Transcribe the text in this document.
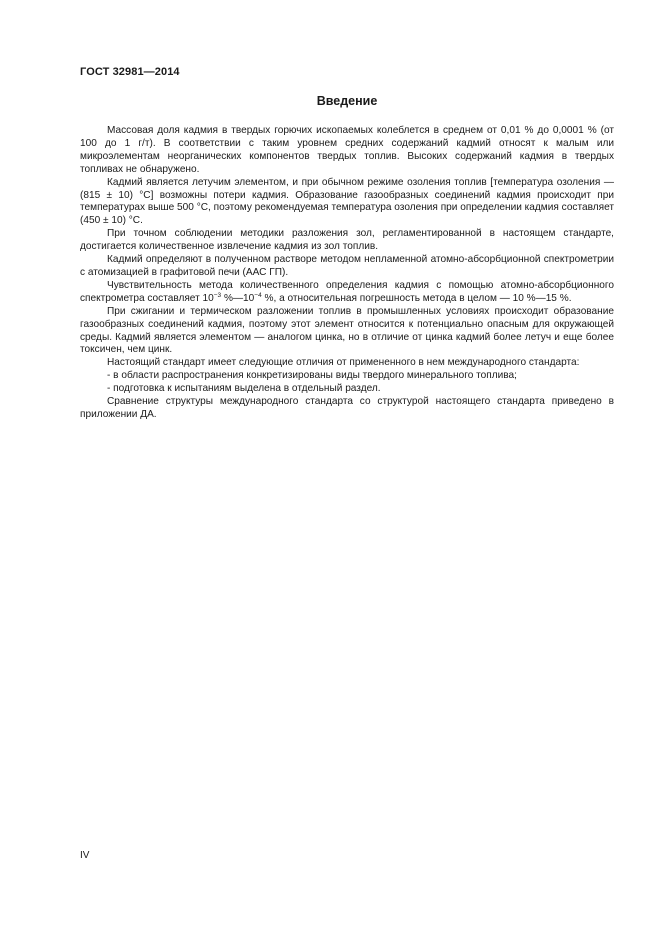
ГОСТ 32981—2014
Введение

Массовая доля кадмия в твердых горючих ископаемых колеблется в среднем от 0,01 % до 0,0001 % (от 100 до 1 г/т). В соответствии с таким уровнем средних содержаний кадмий относят к малым или микроэлементам неорганических компонентов твердых топлив. Высоких содержаний кадмия в твердых топливах не обнаружено.

Кадмий является летучим элементом, и при обычном режиме озоления топлив [температура озоления — (815 ± 10) °C] возможны потери кадмия. Образование газообразных соединений кадмия происходит при температурах выше 500 °C, поэтому рекомендуемая температура озоления при определении кадмия составляет (450 ± 10) °C.

При точном соблюдении методики разложения зол, регламентированной в настоящем стандарте, достигается количественное извлечение кадмия из зол топлив.

Кадмий определяют в полученном растворе методом непламенной атомно-абсорбционной спектрометрии с атомизацией в графитовой печи (ААС ГП).

Чувствительность метода количественного определения кадмия с помощью атомно-абсорбционного спектрометра составляет $10^{-3}$ $\%—10^{-4}$ %, а относительная погрешность метода в целом — 10 %—15 %.

При сжигании и термическом разложении топлив в промышленных условиях происходит образование газообразных соединений кадмия, поэтому этот элемент относится к потенциально опасным для окружающей среды. Кадмий является элементом — аналогом цинка, но в отличие от цинка кадмий более летуч и еще более токсичен, чем цинк.

Настоящий стандарт имеет следующие отличия от примененного в нем международного стандарта:

- в области распространения конкретизированы виды твердого минерального топлива;

- подготовка к испытаниям выделена в отдельный раздел.

Сравнение структуры международного стандарта со структурой настоящего стандарта приведено в приложении ДА.

IV
